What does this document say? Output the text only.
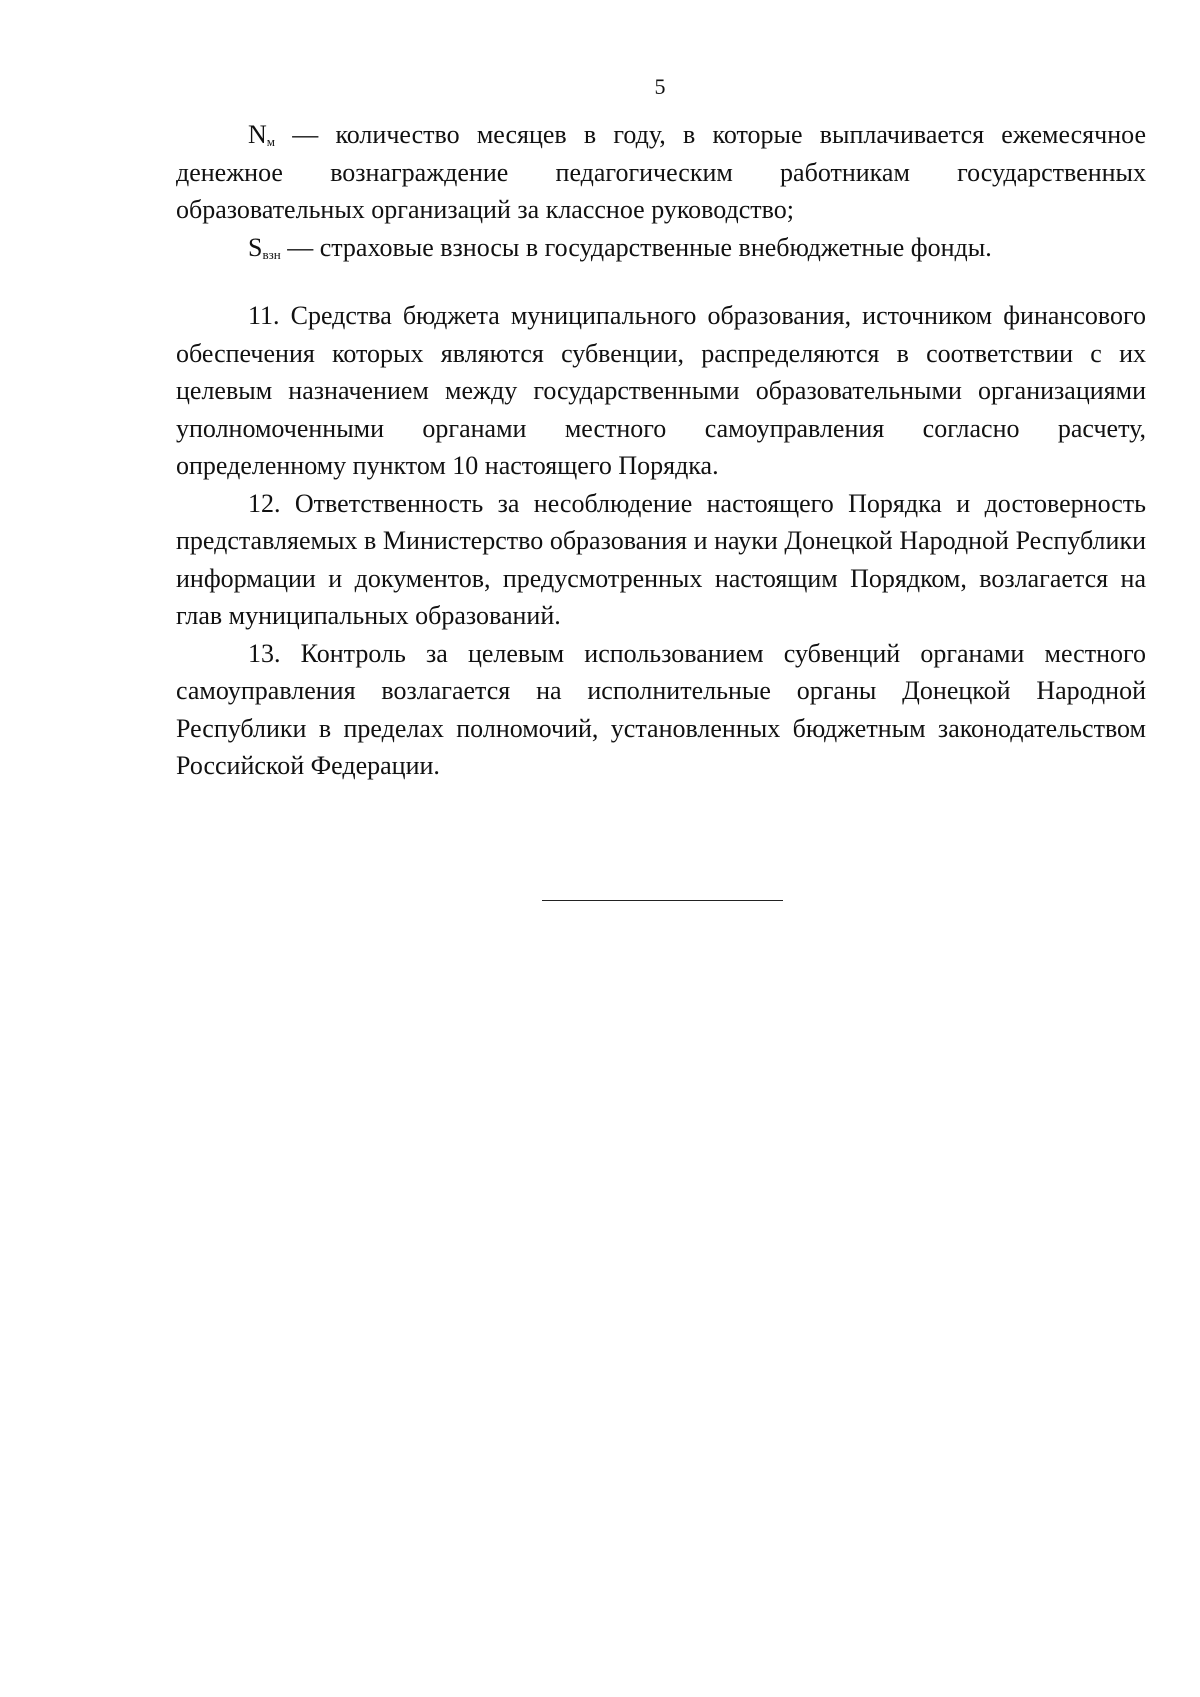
5

$N_м$ — количество месяцев в году, в которые выплачивается ежемесячное денежное вознаграждение педагогическим работникам государственных образовательных организаций за классное руководство;

$S_{взн}$ — страховые взносы в государственные внебюджетные фонды.

11. Средства бюджета муниципального образования, источником финансового обеспечения которых являются субвенции, распределяются в соответствии с их целевым назначением между государственными образовательными организациями уполномоченными органами местного самоуправления согласно расчету, определенному пунктом 10 настоящего Порядка.

12. Ответственность за несоблюдение настоящего Порядка и достоверность представляемых в Министерство образования и науки Донецкой Народной Республики информации и документов, предусмотренных настоящим Порядком, возлагается на глав муниципальных образований.

13. Контроль за целевым использованием субвенций органами местного самоуправления возлагается на исполнительные органы Донецкой Народной Республики в пределах полномочий, установленных бюджетным законодательством Российской Федерации.
